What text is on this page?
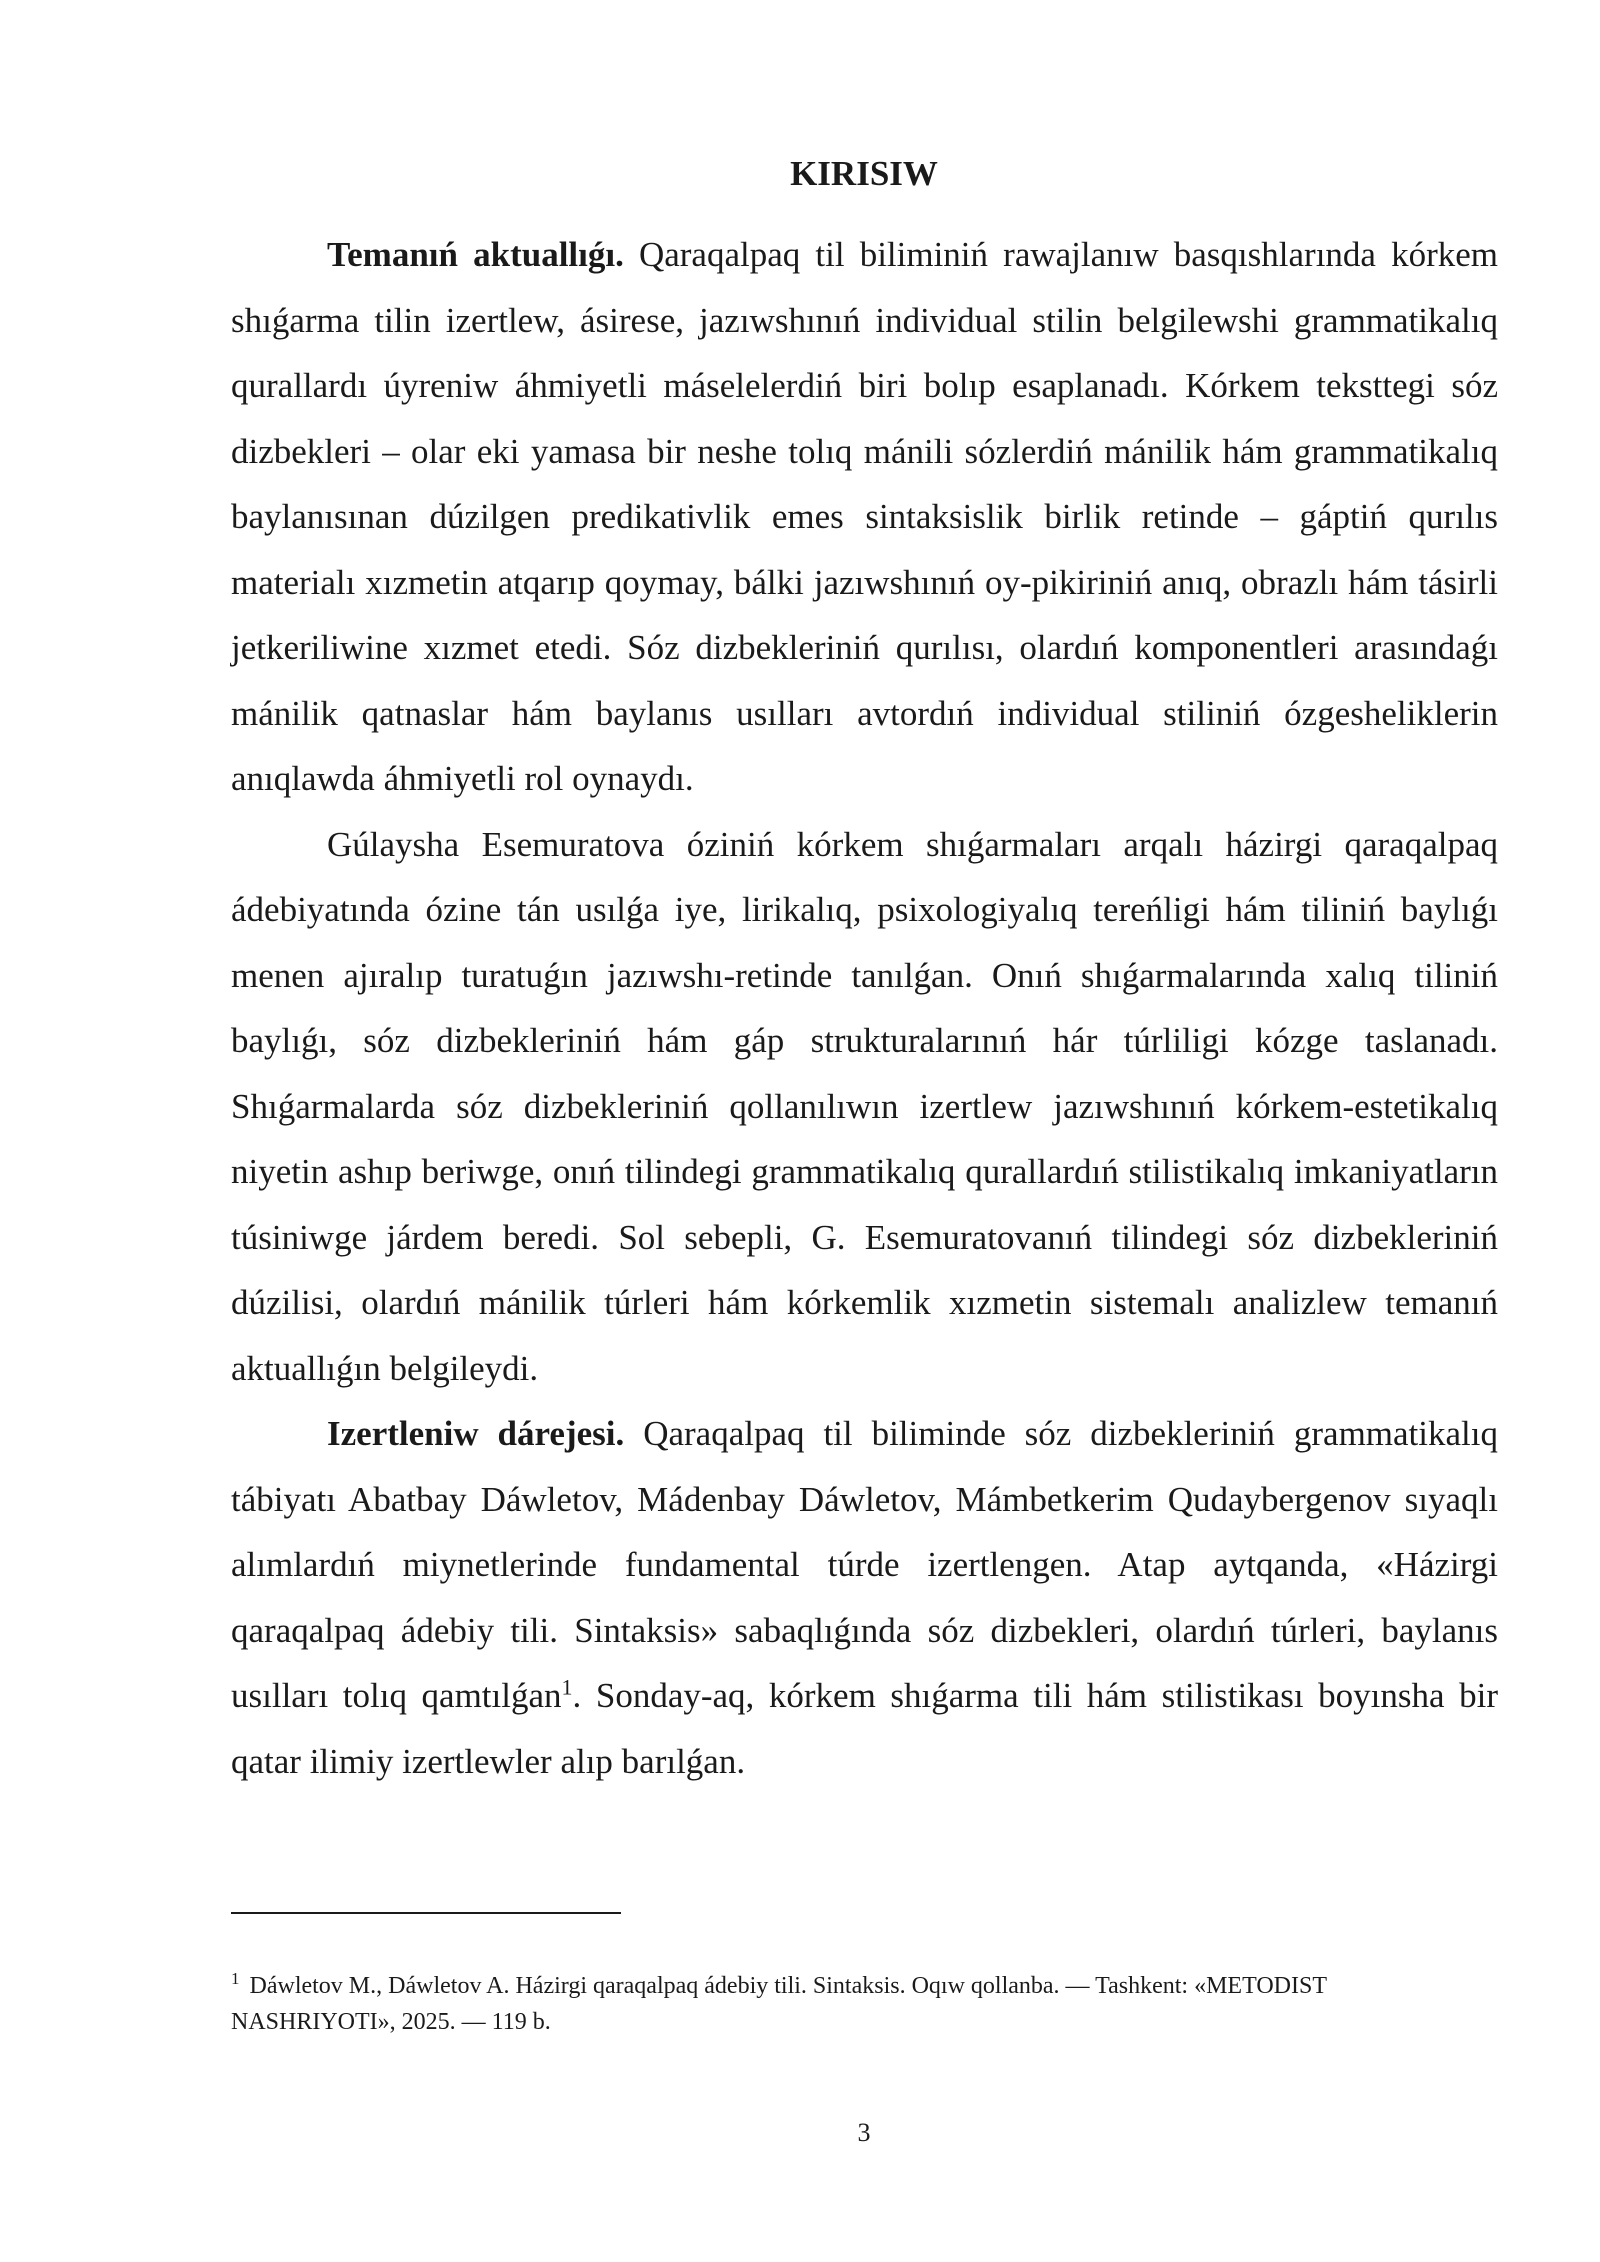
KIRISIW

Temanıń aktuallıǵı. Qaraqalpaq til biliminiń rawajlanıw basqıshlarında kórkem shıǵarma tilin izertlew, ásirese, jazıwshınıń individual stilin belgilewshi grammatikalıq qurallardı úyreniw áhmiyetli máselelerdiń biri bolıp esaplanadı. Kórkem teksttegi sóz dizbekleri – olar eki yamasa bir neshe tolıq mánili sózlerdiń mánilik hám grammatikalıq baylanısınan dúzilgen predikativlik emes sintaksislik birlik retinde – gáptiń qurılıs materialı xızmetin atqarıp qoymay, bálki jazıwshınıń oy-pikiriniń anıq, obrazlı hám tásirli jetkeriliwine xızmet etedi. Sóz dizbekleriniń qurılısı, olardıń komponentleri arasındaǵı mánilik qatnaslar hám baylanıs usılları avtordıń individual stiliniń ózgesheliklerin anıqlawda áhmiyetli rol oynaydı.

Gúlaysha Esemuratova óziniń kórkem shıǵarmaları arqalı házirgi qaraqalpaq ádebiyatında ózine tán usılǵa iye, lirikalıq, psixologiyalıq tereńligi hám tiliniń baylıǵı menen ajıralıp turatuǵın jazıwshı-retinde tanılǵan. Onıń shıǵarmalarında xalıq tiliniń baylıǵı, sóz dizbekleriniń hám gáp strukturalarınıń hár túrliligi kózge taslanadı. Shıǵarmalarda sóz dizbekleriniń qollanılıwın izertlew jazıwshınıń kórkem-estetikalıq niyetin ashıp beriwge, onıń tilindegi grammatikalıq qurallardıń stilistikalıq imkaniyatların túsiniwge járdem beredi. Sol sebepli, G. Esemuratovanıń tilindegi sóz dizbekleriniń dúzilisi, olardıń mánilik túrleri hám kórkemlik xızmetin sistemalı analizlew temanıń aktuallıǵın belgileydi.

Izertleniw dárejesi. Qaraqalpaq til biliminde sóz dizbekleriniń grammatikalıq tábiyatı Abatbay Dáwletov, Mádenbay Dáwletov, Mámbetkerim Qudaybergenov sıyaqlı alımlardıń miynetlerinde fundamental túrde izertlengen. Atap aytqanda, «Házirgi qaraqalpaq ádebiy tili. Sintaksis» sabaqlıǵında sóz dizbekleri, olardıń túrleri, baylanıs usılları tolıq qamtılǵan$^1$. Sonday-aq, kórkem shıǵarma tili hám stilistikası boyınsha bir qatar ilimiy izertlewler alıp barılǵan.

$^1$ Dáwletov M., Dáwletov A. Házirgi qaraqalpaq ádebiy tili. Sintaksis. Oqıw qollanba. — Tashkent: «METODIST NASHRIYOTI», 2025. — 119 b.

3
